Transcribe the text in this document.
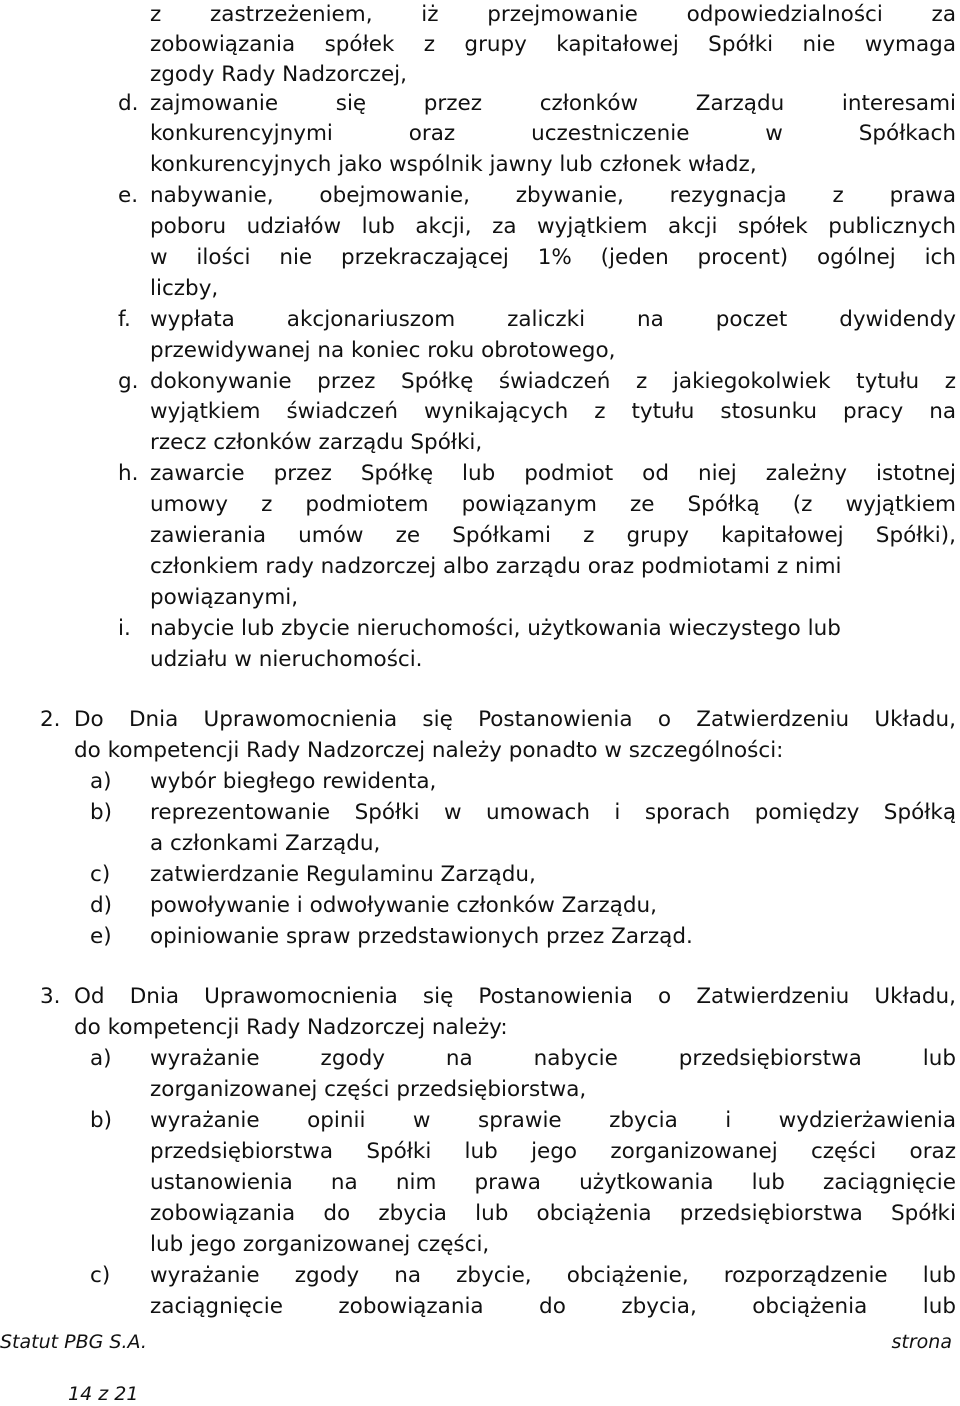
z zastrzeżeniem, iż przejmowanie odpowiedzialności za
zobowiązania spółek z grupy kapitałowej Spółki nie wymaga
zgody Rady Nadzorczej,
d. zajmowanie się przez członków Zarządu interesami
konkurencyjnymi oraz uczestniczenie w Spółkach
konkurencyjnych jako wspólnik jawny lub członek władz,
e. nabywanie, obejmowanie, zbywanie, rezygnacja z prawa
poboru udziałów lub akcji, za wyjątkiem akcji spółek publicznych
w ilości nie przekraczającej 1% (jeden procent) ogólnej ich
liczby,
f. wypłata akcjonariuszom zaliczki na poczet dywidendy
przewidywanej na koniec roku obrotowego,
g. dokonywanie przez Spółkę świadczeń z jakiegokolwiek tytułu z
wyjątkiem świadczeń wynikających z tytułu stosunku pracy na
rzecz członków zarządu Spółki,
h. zawarcie przez Spółkę lub podmiot od niej zależny istotnej
umowy z podmiotem powiązanym ze Spółką (z wyjątkiem
zawierania umów ze Spółkami z grupy kapitałowej Spółki),
członkiem rady nadzorczej albo zarządu oraz podmiotami z nimi
powiązanymi,
i. nabycie lub zbycie nieruchomości, użytkowania wieczystego lub
udziału w nieruchomości.
2. Do Dnia Uprawomocnienia się Postanowienia o Zatwierdzeniu Układu,
do kompetencji Rady Nadzorczej należy ponadto w szczególności:
a) wybór biegłego rewidenta,
b) reprezentowanie Spółki w umowach i sporach pomiędzy Spółką
a członkami Zarządu,
c) zatwierdzanie Regulaminu Zarządu,
d) powoływanie i odwoływanie członków Zarządu,
e) opiniowanie spraw przedstawionych przez Zarząd.
3. Od Dnia Uprawomocnienia się Postanowienia o Zatwierdzeniu Układu,
do kompetencji Rady Nadzorczej należy:
a) wyrażanie zgody na nabycie przedsiębiorstwa lub
zorganizowanej części przedsiębiorstwa,
b) wyrażanie opinii w sprawie zbycia i wydzierżawienia
przedsiębiorstwa Spółki lub jego zorganizowanej części oraz
ustanowienia na nim prawa użytkowania lub zaciągnięcie
zobowiązania do zbycia lub obciążenia przedsiębiorstwa Spółki
lub jego zorganizowanej części,
c) wyrażanie zgody na zbycie, obciążenie, rozporządzenie lub
zaciągnięcie zobowiązania do zbycia, obciążenia lub
Statut PBG S.A.	strona
14 z 21
